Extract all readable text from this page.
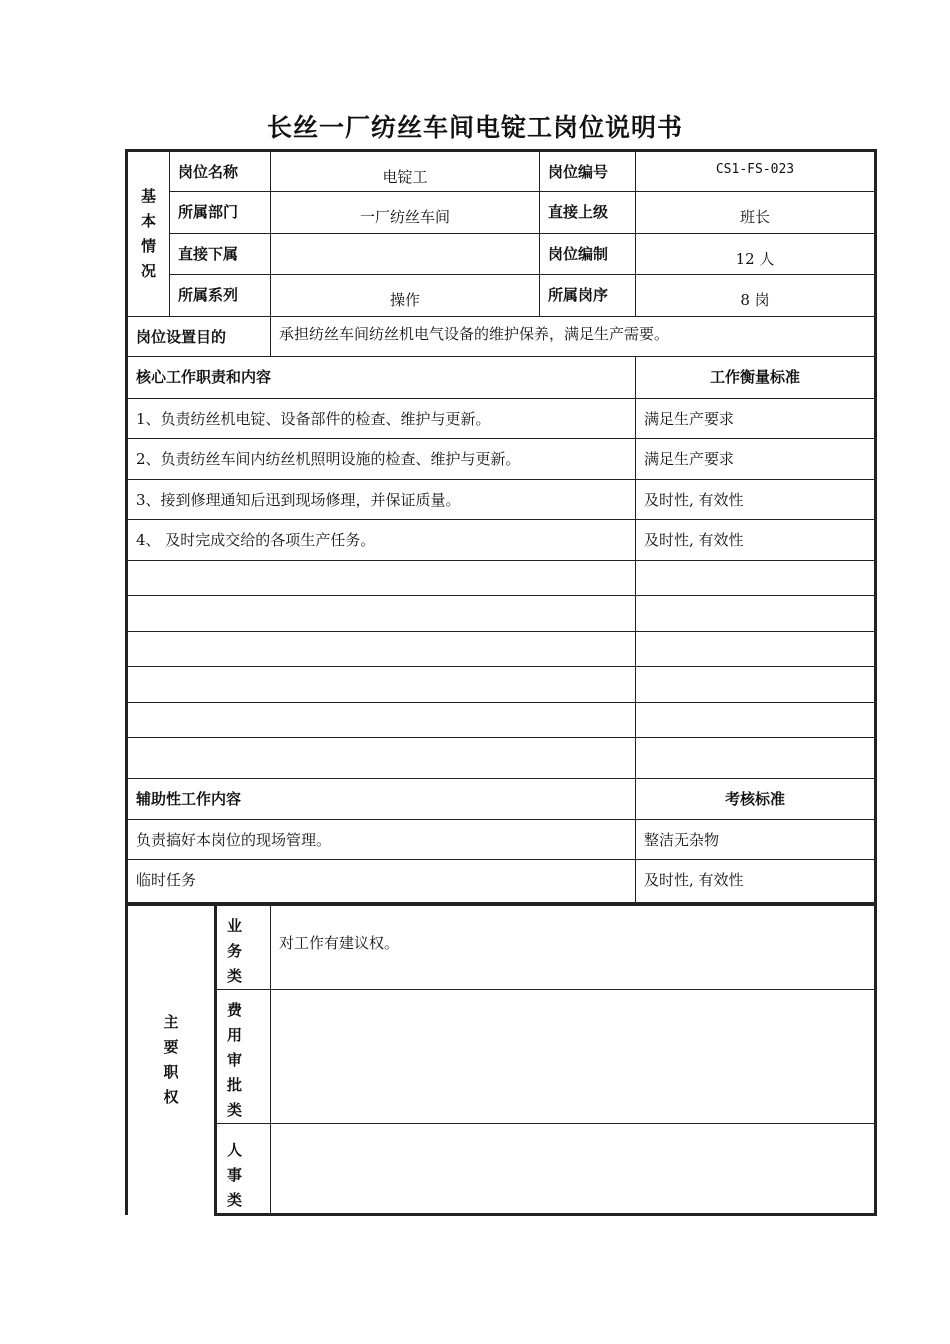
长丝一厂纺丝车间电锭工岗位说明书
基
本
情
况	岗位名称	电锭工	岗位编号	CS1-FS-023
	所属部门	一厂纺丝车间	直接上级	班长
	直接下属		岗位编制	12 人
	所属系列	操作	所属岗序	8 岗
岗位设置目的		承担纺丝车间纺丝机电气设备的维护保养，满足生产需要。		
核心工作职责和内容				工作衡量标准
1、负责纺丝机电锭、设备部件的检查、维护与更新。				满足生产要求
2、负责纺丝车间内纺丝机照明设施的检查、维护与更新。				满足生产要求
3、接到修理通知后迅到现场修理，并保证质量。				及时性, 有效性
4、 及时完成交给的各项生产任务。				及时性, 有效性

辅助性工作内容				考核标准
负责搞好本岗位的现场管理。				整洁无杂物
临时任务				及时性, 有效性
主
要
职
权	业务类	对工作有建议权。
	费用审批类	
	人事类	
